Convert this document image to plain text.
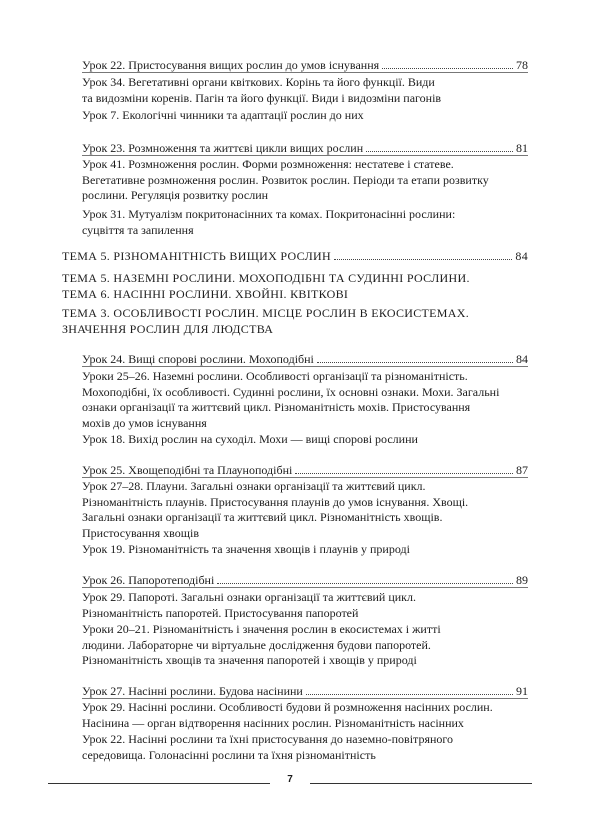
Урок 22. Пристосування вищих рослин до умов існування	78
Урок 34. Вегетативні органи квіткових. Корінь та його функції. Види
та видозміни коренів. Пагін та його функції. Види і видозміни пагонів
Урок 7. Екологічні чинники та адаптації рослин до них
Урок 23. Розмноження та життєві цикли вищих рослин	81
Урок 41. Розмноження рослин. Форми розмноження: нестатеве і статеве.
Вегетативне розмноження рослин. Розвиток рослин. Періоди та етапи розвитку
рослини. Регуляція розвитку рослин
Урок 31. Мутуалізм покритонасінних та комах. Покритонасінні рослини:
суцвіття та запилення
ТЕМА 5. РІЗНОМАНІТНІСТЬ ВИЩИХ РОСЛИН	84
ТЕМА 5. НАЗЕМНІ РОСЛИНИ. МОХОПОДІБНІ ТА СУДИННІ РОСЛИНИ.
ТЕМА 6. НАСІННІ РОСЛИНИ. ХВОЙНІ. КВІТКОВІ
ТЕМА 3. ОСОБЛИВОСТІ РОСЛИН. МІСЦЕ РОСЛИН В ЕКОСИСТЕМАХ.
ЗНАЧЕННЯ РОСЛИН ДЛЯ ЛЮДСТВА
Урок 24. Вищі спорові рослини. Мохоподібні	84
Уроки 25–26. Наземні рослини. Особливості організації та різноманітність.
Мохоподібні, їх особливості. Судинні рослини, їх основні ознаки. Мохи. Загальні
ознаки організації та життєвий цикл. Різноманітність мохів. Пристосування
мохів до умов існування
Урок 18. Вихід рослин на суходіл. Мохи — вищі спорові рослини
Урок 25. Хвощеподібні та Плауноподібні	87
Урок 27–28. Плауни. Загальні ознаки організації та життєвий цикл.
Різноманітність плаунів. Пристосування плаунів до умов існування. Хвощі.
Загальні ознаки організації та життєвий цикл. Різноманітність хвощів.
Пристосування хвощів
Урок 19. Різноманітність та значення хвощів і плаунів у природі
Урок 26. Папоротеподібні	89
Урок 29. Папороті. Загальні ознаки організації та життєвий цикл.
Різноманітність папоротей. Пристосування папоротей
Уроки 20–21. Різноманітність і значення рослин в екосистемах і житті
людини. Лабораторне чи віртуальне дослідження будови папоротей.
Різноманітність хвощів та значення папоротей і хвощів у природі
Урок 27. Насінні рослини. Будова насінини	91
Урок 29. Насінні рослини. Особливості будови й розмноження насінних рослин.
Насінина — орган відтворення насінних рослин. Різноманітність насінних
Урок 22. Насінні рослини та їхні пристосування до наземно-повітряного
середовища. Голонасінні рослини та їхня різноманітність
7
